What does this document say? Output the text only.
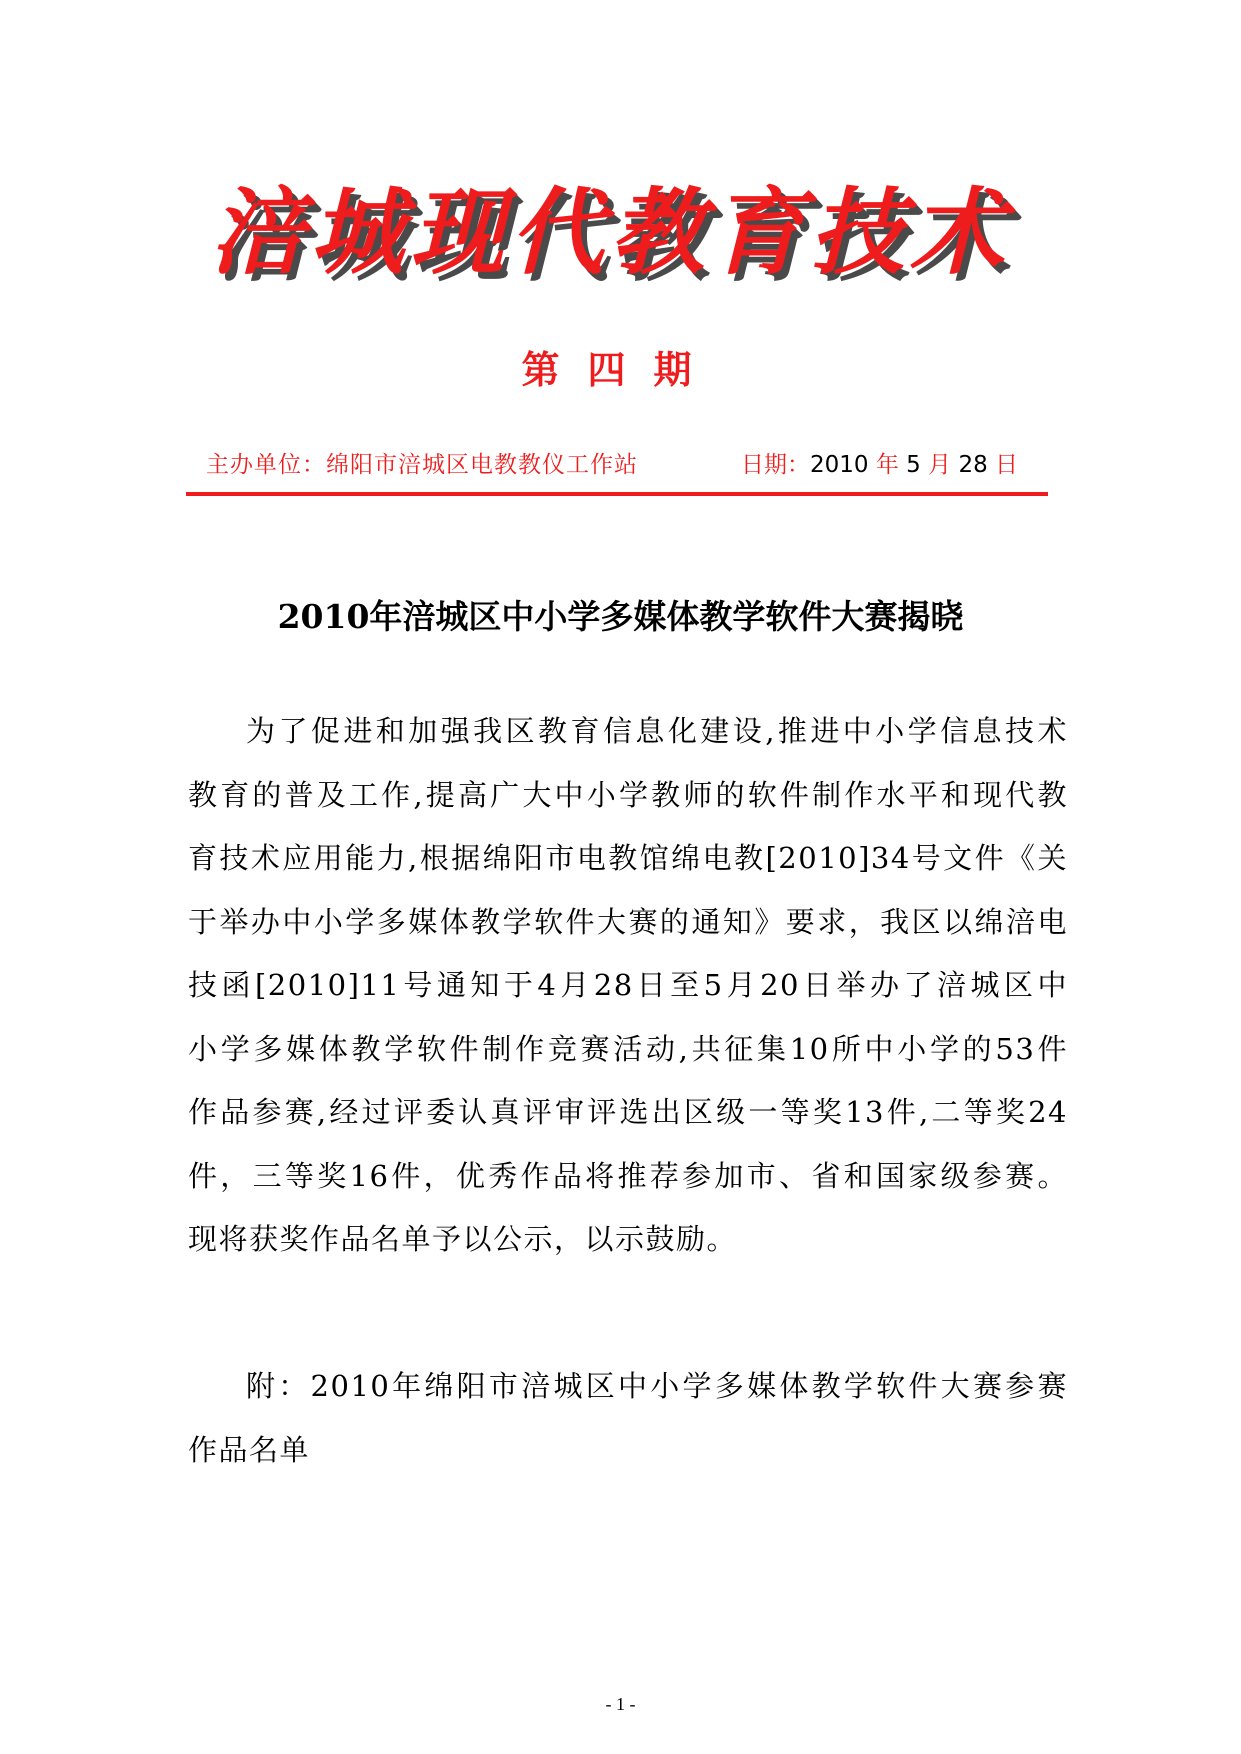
涪城现代教育技术
第四期
主办单位：绵阳市涪城区电教教仪工作站	日期：2010 年 5 月 28 日
2010年涪城区中小学多媒体教学软件大赛揭晓
为了促进和加强我区教育信息化建设,推进中小学信息技术
教育的普及工作,提高广大中小学教师的软件制作水平和现代教
育技术应用能力,根据绵阳市电教馆绵电教[2010]34号文件《关
于举办中小学多媒体教学软件大赛的通知》要求，我区以绵涪电
技函[2010]11号通知于4月28日至5月20日举办了涪城区中
小学多媒体教学软件制作竞赛活动,共征集10所中小学的53件
作品参赛,经过评委认真评审评选出区级一等奖13件,二等奖24
件，三等奖16件，优秀作品将推荐参加市、省和国家级参赛。
现将获奖作品名单予以公示，以示鼓励。
附：2010年绵阳市涪城区中小学多媒体教学软件大赛参赛
作品名单
- 1 -
